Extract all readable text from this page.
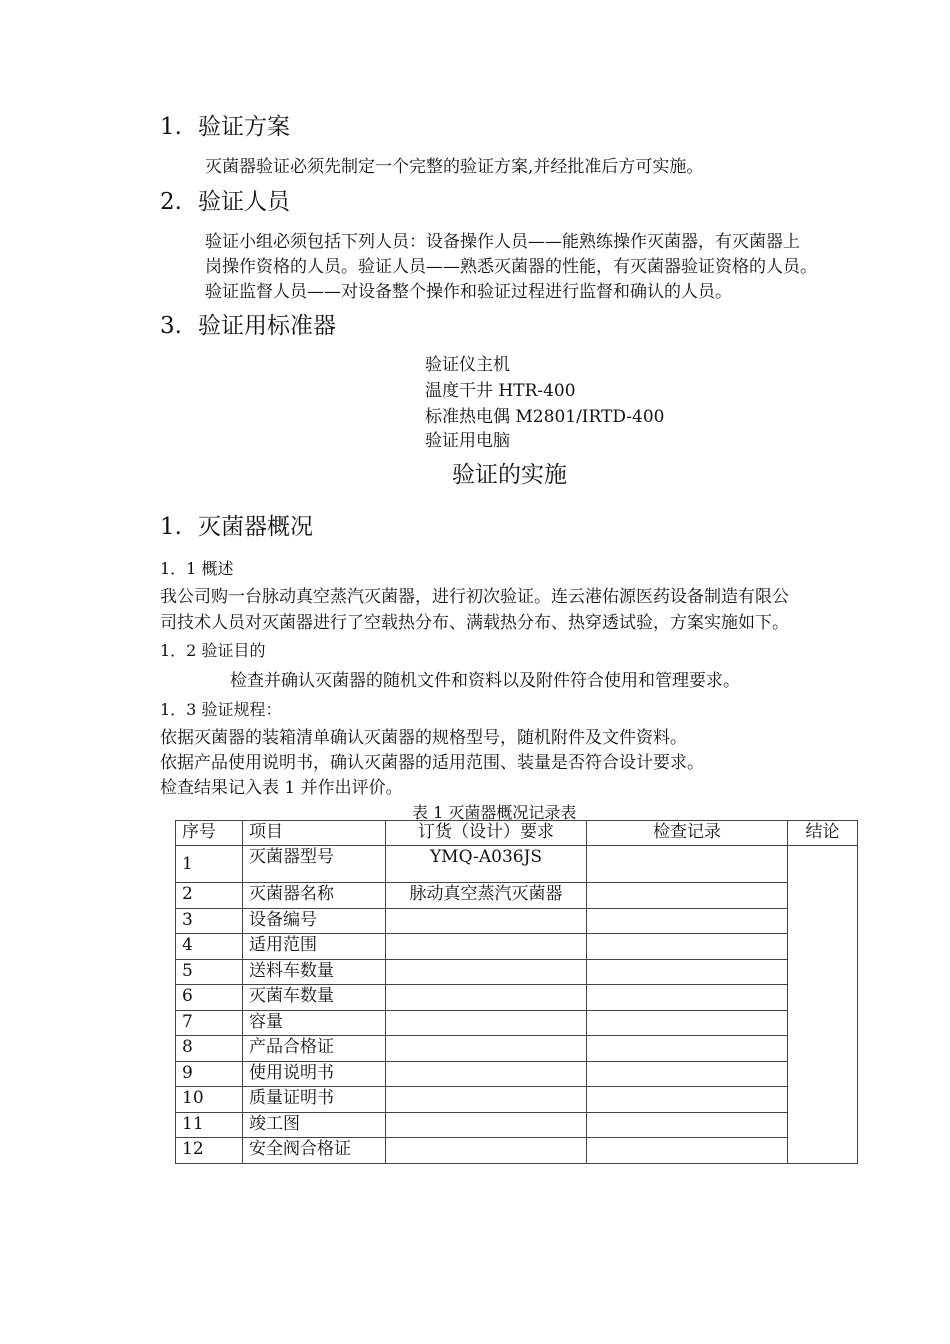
1. 验证方案
灭菌器验证必须先制定一个完整的验证方案,并经批准后方可实施。
2. 验证人员
验证小组必须包括下列人员：设备操作人员——能熟练操作灭菌器，有灭菌器上
岗操作资格的人员。验证人员——熟悉灭菌器的性能，有灭菌器验证资格的人员。
验证监督人员——对设备整个操作和验证过程进行监督和确认的人员。
3. 验证用标准器
验证仪主机
温度干井 HTR-400
标准热电偶 M2801/IRTD-400
验证用电脑
验证的实施
1. 灭菌器概况
1．1 概述
我公司购一台脉动真空蒸汽灭菌器，进行初次验证。连云港佑源医药设备制造有限公
司技术人员对灭菌器进行了空载热分布、满载热分布、热穿透试验，方案实施如下。
1．2 验证目的
检查并确认灭菌器的随机文件和资料以及附件符合使用和管理要求。
1．3 验证规程：
依据灭菌器的装箱清单确认灭菌器的规格型号，随机附件及文件资料。
依据产品使用说明书，确认灭菌器的适用范围、装量是否符合设计要求。
检查结果记入表 1 并作出评价。
表 1 灭菌器概况记录表
序号	项目	订货（设计）要求	检查记录	结论
1	灭菌器型号	YMQ-A036JS		
2	灭菌器名称	脉动真空蒸汽灭菌器		
3	设备编号			
4	适用范围			
5	送料车数量			
6	灭菌车数量			
7	容量			
8	产品合格证			
9	使用说明书			
10	质量证明书			
11	竣工图			
12	安全阀合格证			
